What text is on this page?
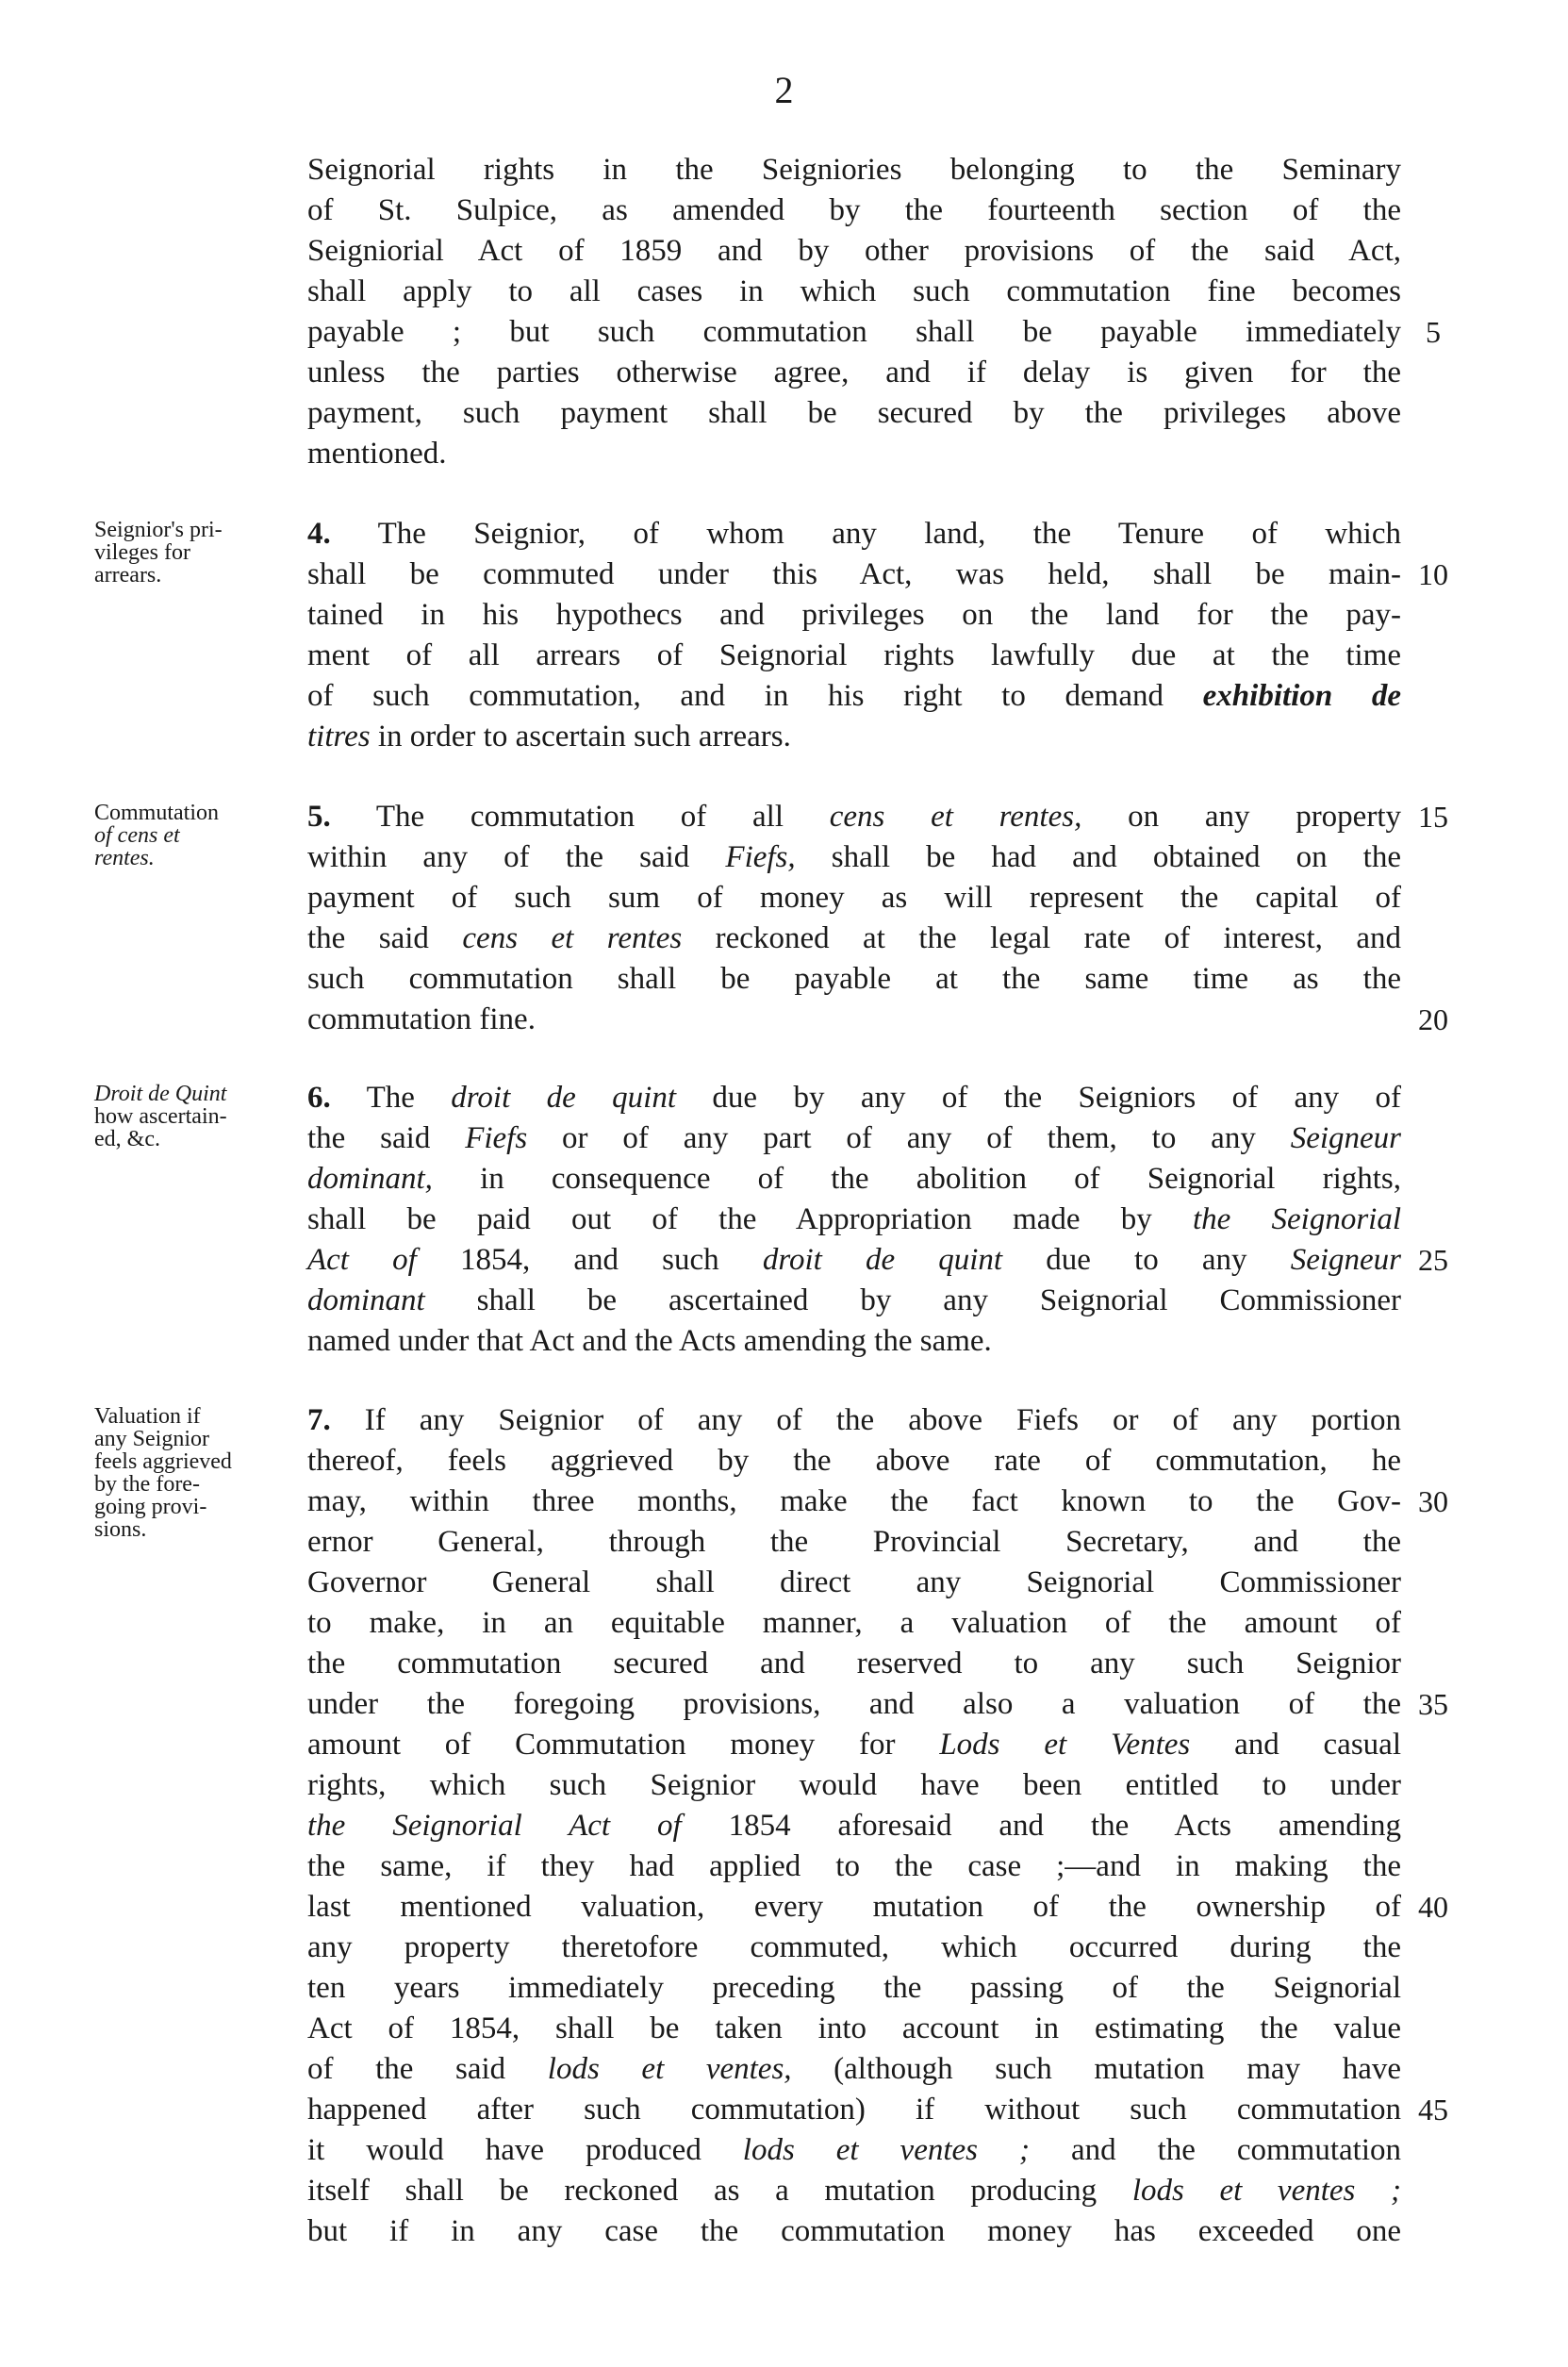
2
Seignorial rights in the Seigniories belonging to the Seminary
of St. Sulpice, as amended by the fourteenth section of the
Seigniorial Act of 1859 and by other provisions of the said Act,
shall apply to all cases in which such commutation fine becomes
payable ; but such commutation shall be payable immediately
unless the parties otherwise agree, and if delay is given for the
payment, such payment shall be secured by the privileges above
mentioned.
Seignior's pri-
vileges for
arrears.
4. The Seignior, of whom any land, the Tenure of which
shall be commuted under this Act, was held, shall be main-
tained in his hypothecs and privileges on the land for the pay-
ment of all arrears of Seignorial rights lawfully due at the time
of such commutation, and in his right to demand exhibition de
titres in order to ascertain such arrears.
Commutation
of cens et
rentes.
5. The commutation of all cens et rentes, on any property
within any of the said Fiefs, shall be had and obtained on the
payment of such sum of money as will represent the capital of
the said cens et rentes reckoned at the legal rate of interest, and
such commutation shall be payable at the same time as the
commutation fine.
Droit de Quint
how ascertain-
ed, &c.
6. The droit de quint due by any of the Seigniors of any of
the said Fiefs or of any part of any of them, to any Seigneur
dominant, in consequence of the abolition of Seignorial rights,
shall be paid out of the Appropriation made by the Seignorial
Act of 1854, and such droit de quint due to any Seigneur
dominant shall be ascertained by any Seignorial Commissioner
named under that Act and the Acts amending the same.
Valuation if
any Seignior
feels aggrieved
by the fore-
going provi-
sions.
7. If any Seignior of any of the above Fiefs or of any portion
thereof, feels aggrieved by the above rate of commutation, he
may, within three months, make the fact known to the Gov-
ernor General, through the Provincial Secretary, and the
Governor General shall direct any Seignorial Commissioner
to make, in an equitable manner, a valuation of the amount of
the commutation secured and reserved to any such Seignior
under the foregoing provisions, and also a valuation of the
amount of Commutation money for Lods et Ventes and casual
rights, which such Seignior would have been entitled to under
the Seignorial Act of 1854 aforesaid and the Acts amending
the same, if they had applied to the case ;—and in making the
last mentioned valuation, every mutation of the ownership of
any property theretofore commuted, which occurred during the
ten years immediately preceding the passing of the Seignorial
Act of 1854, shall be taken into account in estimating the value
of the said lods et ventes, (although such mutation may have
happened after such commutation) if without such commutation
it would have produced lods et ventes ; and the commutation
itself shall be reckoned as a mutation producing lods et ventes ;
but if in any case the commutation money has exceeded one
5
10
15
20
25
30
35
40
45
